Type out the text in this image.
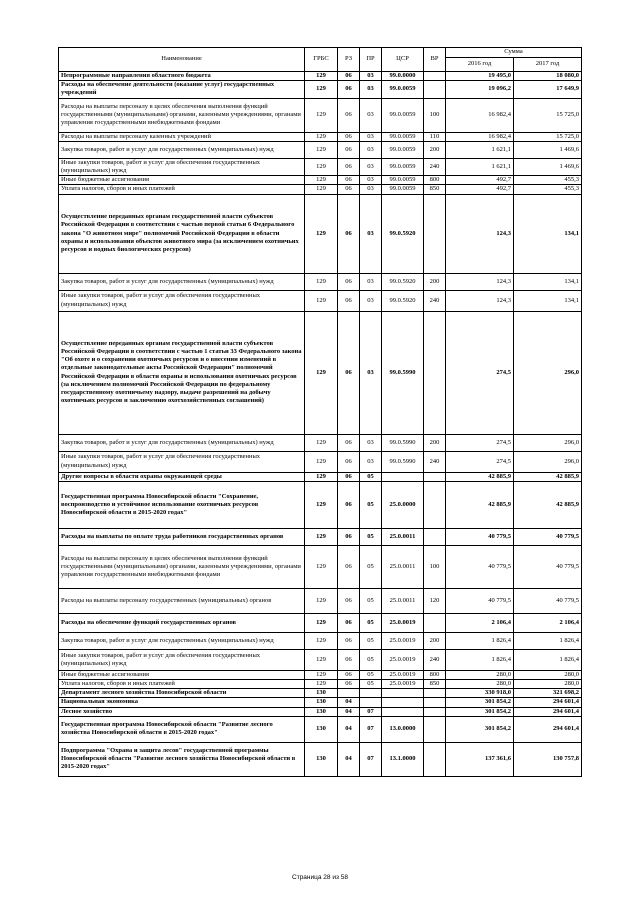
Наименование	ГРБС	РЗ	ПР	ЦСР	ВР	Сумма	
						2016 год	2017 год
Непрограммные направления областного бюджета	129	06	03	99.0.0000		19 495,0	18 080,0
Расходы на обеспечение деятельности (оказание услуг) государственных учреждений	129	06	03	99.0.0059		19 096,2	17 649,9
Расходы на выплаты персоналу в целях обеспечения выполнения функций государственными (муниципальными) органами, казенными учреждениями, органами управления государственными внебюджетными фондами	129	06	03	99.0.0059	100	16 982,4	15 725,0
Расходы на выплаты персоналу казенных учреждений	129	06	03	99.0.0059	110	16 982,4	15 725,0
Закупка товаров, работ и услуг для государственных (муниципальных) нужд	129	06	03	99.0.0059	200	1 621,1	1 469,6
Иные закупки товаров, работ и услуг для обеспечения государственных (муниципальных) нужд	129	06	03	99.0.0059	240	1 621,1	1 469,6
Иные бюджетные ассигнования	129	06	03	99.0.0059	800	492,7	455,3
Уплата налогов, сборов и иных платежей	129	06	03	99.0.0059	850	492,7	455,3
Осуществление переданных органам государственной власти субъектов Российской Федерации в соответствии с частью первой статьи 6 Федерального закона "О животном мире" полномочий Российской Федерации в области охраны и использования объектов животного мира (за исключением охотничьих ресурсов и водных биологических ресурсов)	129	06	03	99.0.5920		124,3	134,1
Закупка товаров, работ и услуг для государственных (муниципальных) нужд	129	06	03	99.0.5920	200	124,3	134,1
Иные закупки товаров, работ и услуг для обеспечения государственных (муниципальных) нужд	129	06	03	99.0.5920	240	124,3	134,1
Осуществление переданных органам государственной власти субъектов Российской Федерации в соответствии с частью 1 статьи 33 Федерального закона "Об охоте и о сохранении охотничьих ресурсов и о внесении изменений в отдельные законодательные акты Российской Федерации" полномочий Российской Федерации в области охраны и использования охотничьих ресурсов (за исключением полномочий Российской Федерации по федеральному государственному охотничьему надзору, выдаче разрешений на добычу охотничьих ресурсов и заключению охотхозяйственных соглашений)	129	06	03	99.0.5990		274,5	296,0
Закупка товаров, работ и услуг для государственных (муниципальных) нужд	129	06	03	99.0.5990	200	274,5	296,0
Иные закупки товаров, работ и услуг для обеспечения государственных (муниципальных) нужд	129	06	03	99.0.5990	240	274,5	296,0
Другие вопросы в области охраны окружающей среды	129	06	05			42 885,9	42 885,9
Государственная программа Новосибирской области "Сохранение, воспроизводство и устойчивое использование охотничьих ресурсов Новосибирской области в 2015-2020 годах"	129	06	05	25.0.0000		42 885,9	42 885,9
Расходы на выплаты по оплате труда работников государственных органов	129	06	05	25.0.0011		40 779,5	40 779,5
Расходы на выплаты персоналу в целях обеспечения выполнения функций государственными (муниципальными) органами, казенными учреждениями, органами управления государственными внебюджетными фондами	129	06	05	25.0.0011	100	40 779,5	40 779,5
Расходы на выплаты персоналу государственных (муниципальных) органов	129	06	05	25.0.0011	120	40 779,5	40 779,5
Расходы на обеспечение функций государственных органов	129	06	05	25.0.0019		2 106,4	2 106,4
Закупка товаров, работ и услуг для государственных (муниципальных) нужд	129	06	05	25.0.0019	200	1 826,4	1 826,4
Иные закупки товаров, работ и услуг для обеспечения государственных (муниципальных) нужд	129	06	05	25.0.0019	240	1 826,4	1 826,4
Иные бюджетные ассигнования	129	06	05	25.0.0019	800	280,0	280,0
Уплата налогов, сборов и иных платежей	129	06	05	25.0.0019	850	280,0	280,0
Департамент лесного хозяйства Новосибирской области	130					330 918,0	321 698,2
Национальная экономика	130	04				301 854,2	294 601,4
Лесное хозяйство	130	04	07			301 854,2	294 601,4
Государственная программа Новосибирской области "Развитие лесного хозяйства Новосибирской области в 2015-2020 годах"	130	04	07	13.0.0000		301 854,2	294 601,4
Подпрограмма "Охрана и защита лесов" государственной программы Новосибирской области "Развитие лесного хозяйства Новосибирской области в 2015-2020 годах"	130	04	07	13.1.0000		137 361,6	130 757,8
Страница 28 из 58
